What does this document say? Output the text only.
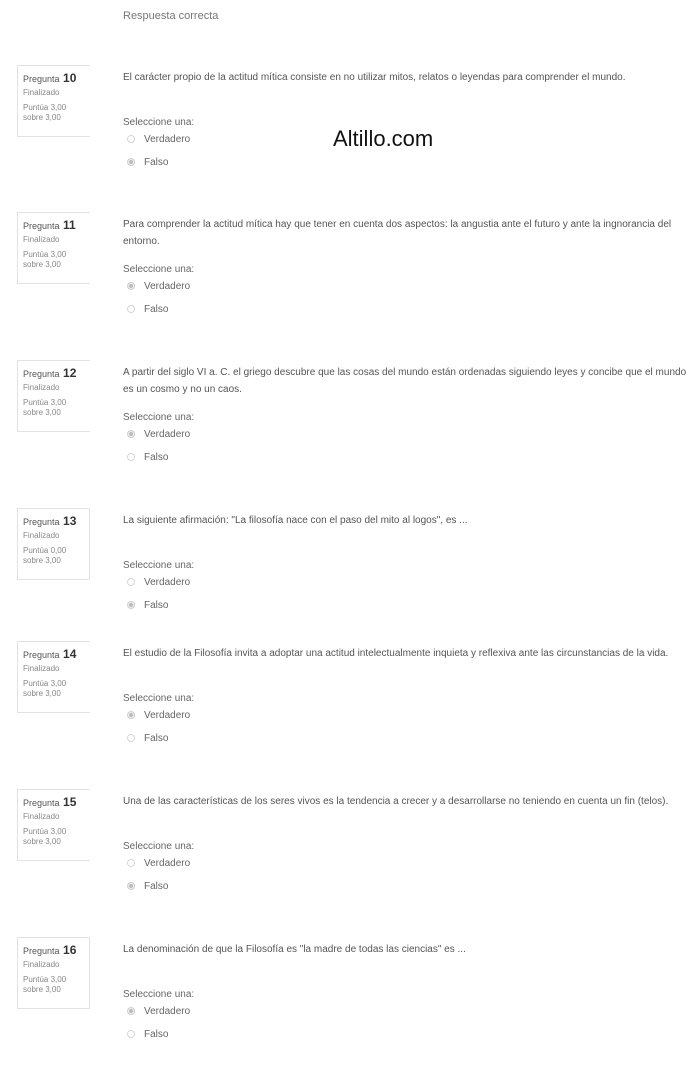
Respuesta correcta
Altillo.com
Pregunta 10
Finalizado
Puntúa 3,00 sobre 3,00
El carácter propio de la actitud mítica consiste en no utilizar mitos, relatos o leyendas para comprender el mundo.
Seleccione una:
Verdadero
Falso
Pregunta 11
Finalizado
Puntúa 3,00 sobre 3,00
Para comprender la actitud mítica hay que tener en cuenta dos aspectos: la angustia ante el futuro y ante la ingnorancia del entorno.
Seleccione una:
Verdadero
Falso
Pregunta 12
Finalizado
Puntúa 3,00 sobre 3,00
A partir del siglo VI a. C. el griego descubre que las cosas del mundo están ordenadas siguiendo leyes y concibe que el mundo es un cosmo y no un caos.
Seleccione una:
Verdadero
Falso
Pregunta 13
Finalizado
Puntúa 0,00 sobre 3,00
La siguiente afirmación: "La filosofía nace con el paso del mito al logos", es ...
Seleccione una:
Verdadero
Falso
Pregunta 14
Finalizado
Puntúa 3,00 sobre 3,00
El estudio de la Filosofía invita a adoptar una actitud intelectualmente inquieta y reflexiva ante las circunstancias de la vida.
Seleccione una:
Verdadero
Falso
Pregunta 15
Finalizado
Puntúa 3,00 sobre 3,00
Una de las características de los seres vivos es la tendencia a crecer y a desarrollarse no teniendo en cuenta un fin (telos).
Seleccione una:
Verdadero
Falso
Pregunta 16
Finalizado
Puntúa 3,00 sobre 3,00
La denominación de que la Filosofía es "la madre de todas las ciencias" es ...
Seleccione una:
Verdadero
Falso
